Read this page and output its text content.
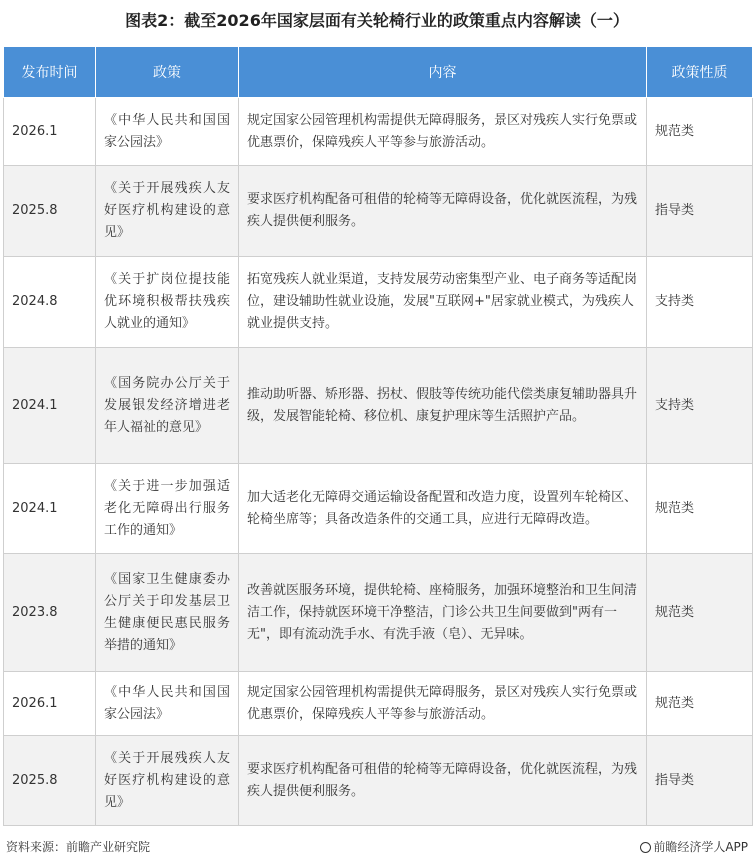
图表2：截至2026年国家层面有关轮椅行业的政策重点内容解读（一）
发布时间	政策	内容	政策性质
2026.1	《中华人民共和国国家公园法》	规定国家公园管理机构需提供无障碍服务，景区对残疾人实行免票或优惠票价，保障残疾人平等参与旅游活动。	规范类
2025.8	《关于开展残疾人友好医疗机构建设的意见》	要求医疗机构配备可租借的轮椅等无障碍设备，优化就医流程，为残疾人提供便利服务。	指导类
2024.8	《关于扩岗位提技能优环境积极帮扶残疾人就业的通知》	拓宽残疾人就业渠道，支持发展劳动密集型产业、电子商务等适配岗位，建设辅助性就业设施，发展"互联网+"居家就业模式，为残疾人就业提供支持。	支持类
2024.1	《国务院办公厅关于发展银发经济增进老年人福祉的意见》	推动助听器、矫形器、拐杖、假肢等传统功能代偿类康复辅助器具升级，发展智能轮椅、移位机、康复护理床等生活照护产品。	支持类
2024.1	《关于进一步加强适老化无障碍出行服务工作的通知》	加大适老化无障碍交通运输设备配置和改造力度，设置列车轮椅区、轮椅坐席等；具备改造条件的交通工具，应进行无障碍改造。	规范类
2023.8	《国家卫生健康委办公厅关于印发基层卫生健康便民惠民服务举措的通知》	改善就医服务环境，提供轮椅、座椅服务，加强环境整治和卫生间清洁工作，保持就医环境干净整洁，门诊公共卫生间要做到"两有一无"，即有流动洗手水、有洗手液（皂）、无异味。	规范类
2026.1	《中华人民共和国国家公园法》	规定国家公园管理机构需提供无障碍服务，景区对残疾人实行免票或优惠票价，保障残疾人平等参与旅游活动。	规范类
2025.8	《关于开展残疾人友好医疗机构建设的意见》	要求医疗机构配备可租借的轮椅等无障碍设备，优化就医流程，为残疾人提供便利服务。	指导类
资料来源：前瞻产业研究院	前瞻经济学人APP
